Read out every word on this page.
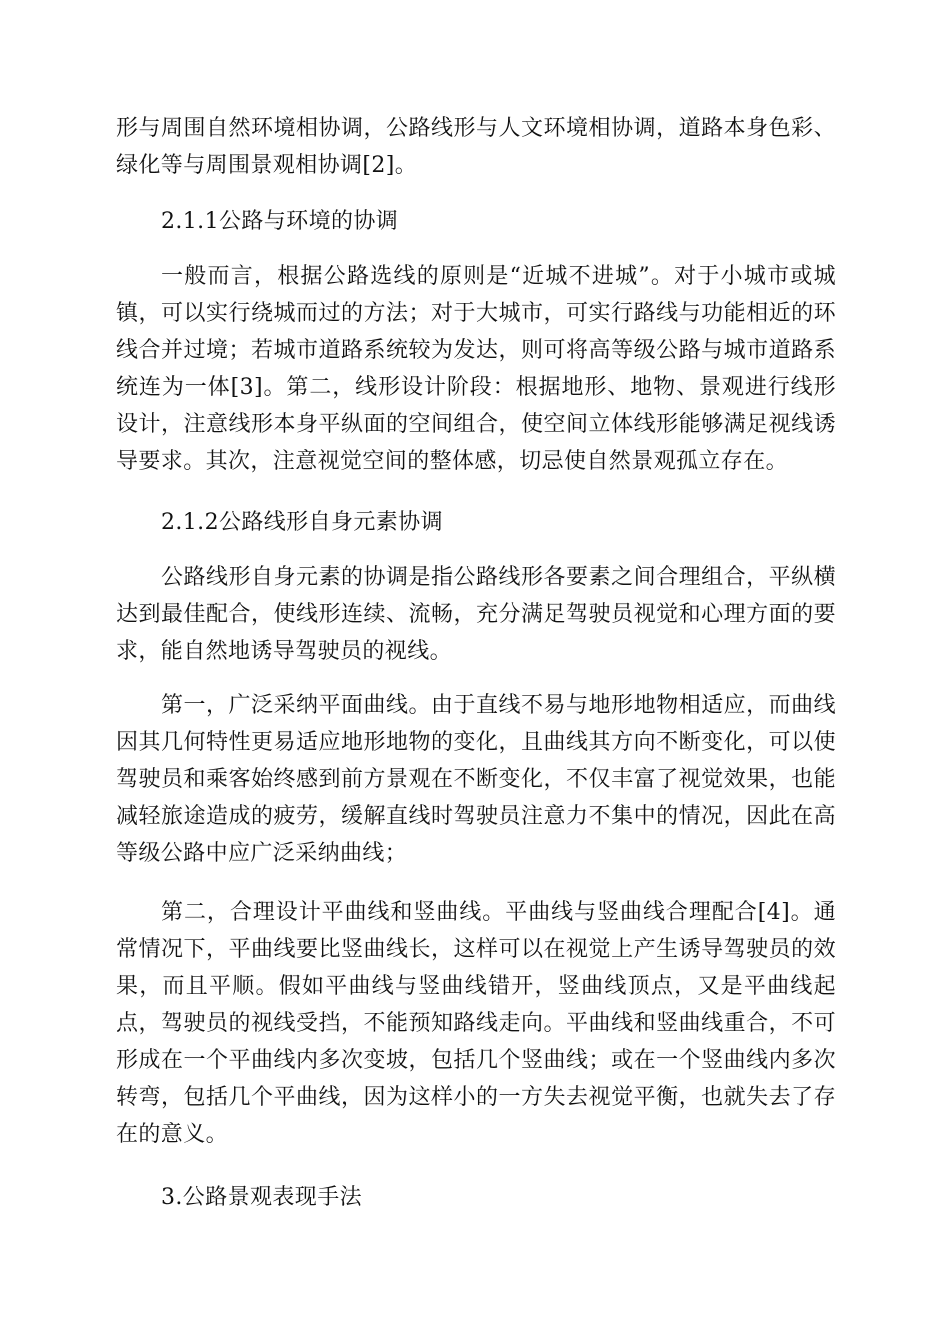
形与周围自然环境相协调，公路线形与人文环境相协调，道路本身色彩、绿化等与周围景观相协调[2]。

2.1.1公路与环境的协调

一般而言，根据公路选线的原则是“近城不进城”。对于小城市或城镇，可以实行绕城而过的方法；对于大城市，可实行路线与功能相近的环线合并过境；若城市道路系统较为发达，则可将高等级公路与城市道路系统连为一体[3]。第二，线形设计阶段：根据地形、地物、景观进行线形设计，注意线形本身平纵面的空间组合，使空间立体线形能够满足视线诱导要求。其次，注意视觉空间的整体感，切忌使自然景观孤立存在。

2.1.2公路线形自身元素协调

公路线形自身元素的协调是指公路线形各要素之间合理组合，平纵横达到最佳配合，使线形连续、流畅，充分满足驾驶员视觉和心理方面的要求，能自然地诱导驾驶员的视线。

第一，广泛采纳平面曲线。由于直线不易与地形地物相适应，而曲线因其几何特性更易适应地形地物的变化，且曲线其方向不断变化，可以使驾驶员和乘客始终感到前方景观在不断变化，不仅丰富了视觉效果，也能减轻旅途造成的疲劳，缓解直线时驾驶员注意力不集中的情况，因此在高等级公路中应广泛采纳曲线；

第二，合理设计平曲线和竖曲线。平曲线与竖曲线合理配合[4]。通常情况下，平曲线要比竖曲线长，这样可以在视觉上产生诱导驾驶员的效果，而且平顺。假如平曲线与竖曲线错开，竖曲线顶点，又是平曲线起点，驾驶员的视线受挡，不能预知路线走向。平曲线和竖曲线重合，不可形成在一个平曲线内多次变坡，包括几个竖曲线；或在一个竖曲线内多次转弯，包括几个平曲线，因为这样小的一方失去视觉平衡，也就失去了存在的意义。

3.公路景观表现手法
